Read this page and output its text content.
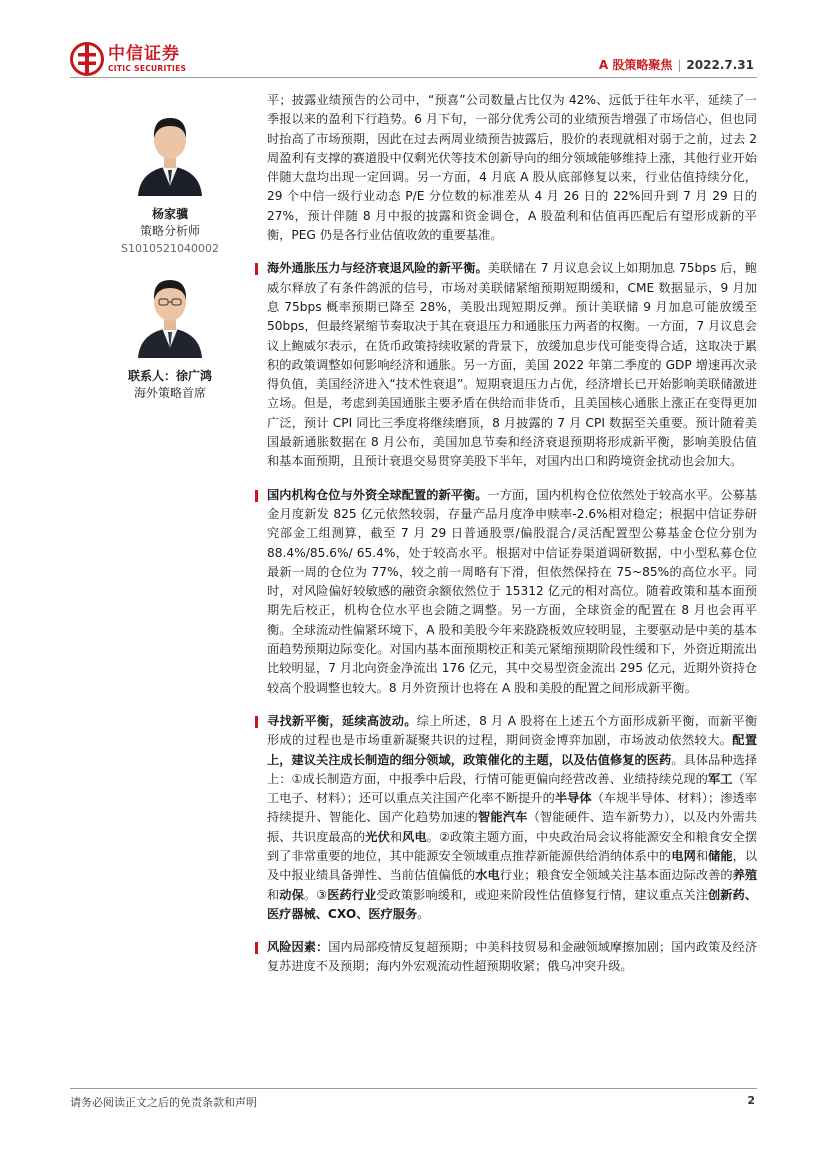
中信证券
CITIC SECURITIES	A 股策略聚焦 | 2022.7.31
杨家骥
策略分析师
S1010521040002
联系人：徐广鸿
海外策略首席

平；披露业绩预告的公司中，“预喜”公司数量占比仅为 42%、远低于往年水平，延续了一季报以来的盈利下行趋势。6 月下旬，一部分优秀公司的业绩预告增强了市场信心，但也同时抬高了市场预期，因此在过去两周业绩预告披露后，股价的表现就相对弱于之前，过去 2 周盈利有支撑的赛道股中仅剩光伏等技术创新导向的细分领域能够维持上涨，其他行业开始伴随大盘均出现一定回调。另一方面，4 月底 A 股从底部修复以来，行业估值持续分化，29 个中信一级行业动态 P/E 分位数的标准差从 4 月 26 日的 22%回升到 7 月 29 日的 27%，预计伴随 8 月中报的披露和资金调仓，A 股盈利和估值再匹配后有望形成新的平衡，PEG 仍是各行业估值收敛的重要基准。

海外通胀压力与经济衰退风险的新平衡。美联储在 7 月议息会议上如期加息 75bps 后，鲍威尔释放了有条件鸽派的信号，市场对美联储紧缩预期短期缓和，CME 数据显示，9 月加息 75bps 概率预期已降至 28%，美股出现短期反弹。预计美联储 9 月加息可能放缓至 50bps，但最终紧缩节奏取决于其在衰退压力和通胀压力两者的权衡。一方面，7 月议息会议上鲍威尔表示，在货币政策持续收紧的背景下，放缓加息步伐可能变得合适，这取决于累积的政策调整如何影响经济和通胀。另一方面，美国 2022 年第二季度的 GDP 增速再次录得负值，美国经济进入“技术性衰退”。短期衰退压力占优，经济增长已开始影响美联储激进立场。但是，考虑到美国通胀主要矛盾在供给而非货币，且美国核心通胀上涨正在变得更加广泛，预计 CPI 同比三季度将继续磨顶，8 月披露的 7 月 CPI 数据至关重要。预计随着美国最新通胀数据在 8 月公布，美国加息节奏和经济衰退预期将形成新平衡，影响美股估值和基本面预期，且预计衰退交易贯穿美股下半年，对国内出口和跨境资金扰动也会加大。

国内机构仓位与外资全球配置的新平衡。一方面，国内机构仓位依然处于较高水平。公募基金月度新发 825 亿元依然较弱，存量产品月度净申赎率-2.6%相对稳定；根据中信证券研究部金工组测算，截至 7 月 29 日普通股票/偏股混合/灵活配置型公募基金仓位分别为 88.4%/85.6%/ 65.4%，处于较高水平。根据对中信证券渠道调研数据，中小型私募仓位最新一周的仓位为 77%，较之前一周略有下滑，但依然保持在 75~85%的高位水平。同时，对风险偏好较敏感的融资余额依然位于 15312 亿元的相对高位。随着政策和基本面预期先后校正，机构仓位水平也会随之调整。另一方面，全球资金的配置在 8 月也会再平衡。全球流动性偏紧环境下，A 股和美股今年来跷跷板效应较明显，主要驱动是中美的基本面趋势预期边际变化。对国内基本面预期校正和美元紧缩预期阶段性缓和下，外资近期流出比较明显，7 月北向资金净流出 176 亿元，其中交易型资金流出 295 亿元，近期外资持仓较高个股调整也较大。8 月外资预计也将在 A 股和美股的配置之间形成新平衡。

寻找新平衡，延续高波动。综上所述，8 月 A 股将在上述五个方面形成新平衡，而新平衡形成的过程也是市场重新凝聚共识的过程，期间资金博弈加剧，市场波动依然较大。配置上，建议关注成长制造的细分领域，政策催化的主题，以及估值修复的医药。具体品种选择上：①成长制造方面，中报季中后段，行情可能更偏向经营改善、业绩持续兑现的军工（军工电子、材料）；还可以重点关注国产化率不断提升的半导体（车规半导体、材料）；渗透率持续提升、智能化、国产化趋势加速的智能汽车（智能硬件、造车新势力），以及内外需共振、共识度最高的光伏和风电。②政策主题方面，中央政治局会议将能源安全和粮食安全摆到了非常重要的地位，其中能源安全领域重点推荐新能源供给消纳体系中的电网和储能，以及中报业绩具备弹性、当前估值偏低的水电行业；粮食安全领域关注基本面边际改善的养殖和动保。③医药行业受政策影响缓和，或迎来阶段性估值修复行情，建议重点关注创新药、医疗器械、CXO、医疗服务。

风险因素：国内局部疫情反复超预期；中美科技贸易和金融领域摩擦加剧；国内政策及经济复苏进度不及预期；海内外宏观流动性超预期收紧；俄乌冲突升级。

请务必阅读正文之后的免责条款和声明	2
